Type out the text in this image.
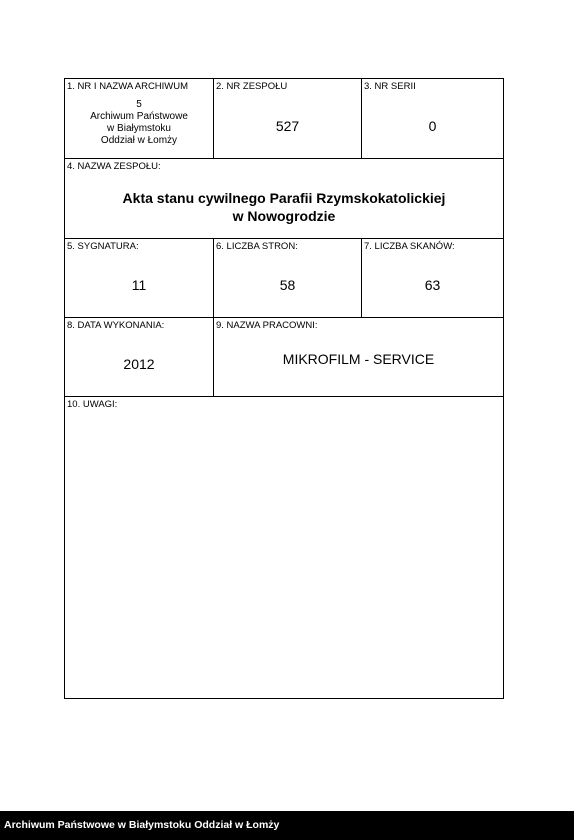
1. NR I NAZWA ARCHIWUM
5
Archiwum Państwowe
w Białymstoku
Oddział w Łomży
2. NR ZESPOŁU
527
3. NR SERII
0
4. NAZWA ZESPOŁU:
Akta stanu cywilnego Parafii Rzymskokatolickiej
w Nowogrodzie
5. SYGNATURA:
11
6. LICZBA STRON:
58
7. LICZBA SKANÓW:
63
8. DATA WYKONANIA:
2012
9. NAZWA PRACOWNI:
MIKROFILM - SERVICE
10. UWAGI:
Archiwum Państwowe w Białymstoku Oddział w Łomży
